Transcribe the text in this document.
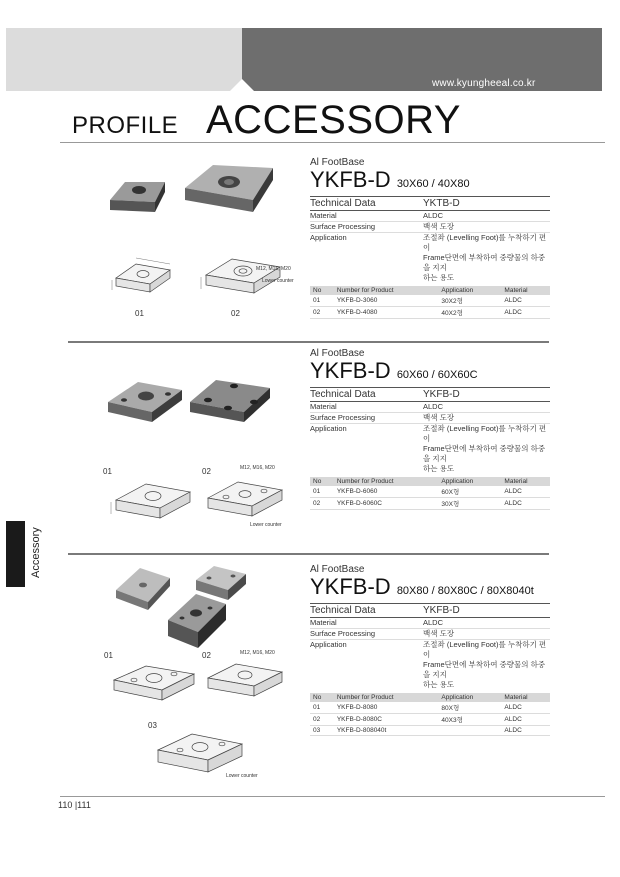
www.kyungheeal.co.kr
PROFILE ACCESSORY
Accessory
M12, M16, M20
Lower counter
01	02
Al FootBase
YKFB-D 30X60 / 40X80
Technical Data	YKTB-D
Material	ALDC
Surface Processing	백색 도장
Application	조절좌 (Levelling Foot)를 누착하기 편이
Frame단면에 부착하여 중량물의 하중을 지지
하는 용도
No	Number for Product	Application	Material
01	YKFB-D-3060	30X2형	ALDC
02	YKFB-D-4080	40X2형	ALDC
01	02	M12, M16, M20
Lower counter
Al FootBase
YKFB-D 60X60 / 60X60C
Technical Data	YKFB-D
Material	ALDC
Surface Processing	백색 도장
Application	조절좌 (Levelling Foot)를 누착하기 편이
Frame단면에 부착하여 중량물의 하중을 지지
하는 용도
No	Number for Product	Application	Material
01	YKFB-D-6060	60X형	ALDC
02	YKFB-D-6060C	30X형	ALDC
01	02	M12, M16, M20
03
Lower counter
Al FootBase
YKFB-D 80X80 / 80X80C / 80X8040t
Technical Data	YKFB-D
Material	ALDC
Surface Processing	백색 도장
Application	조절좌 (Levelling Foot)를 누착하기 편이
Frame단면에 부착하여 중량물의 하중을 지지
하는 용도
No	Number for Product	Application	Material
01	YKFB-D-8080	80X형	ALDC
02	YKFB-D-8080C	40X3형	ALDC
03	YKFB-D-808040t		ALDC
110 |111
